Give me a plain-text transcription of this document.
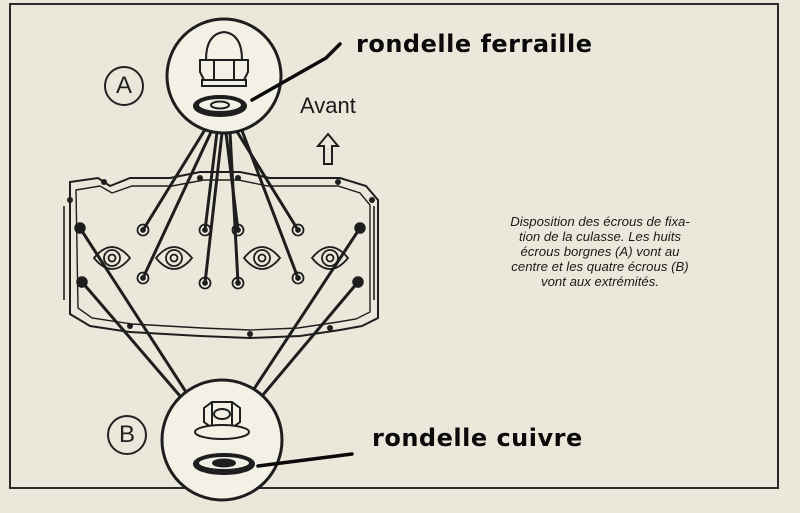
A
B
Avant
rondelle ferraille
rondelle cuivre
Disposition des écrous de fixa-
tion de la culasse. Les huits
écrous borgnes (A) vont au
centre et les quatre écrous (B)
vont aux extrémités.
